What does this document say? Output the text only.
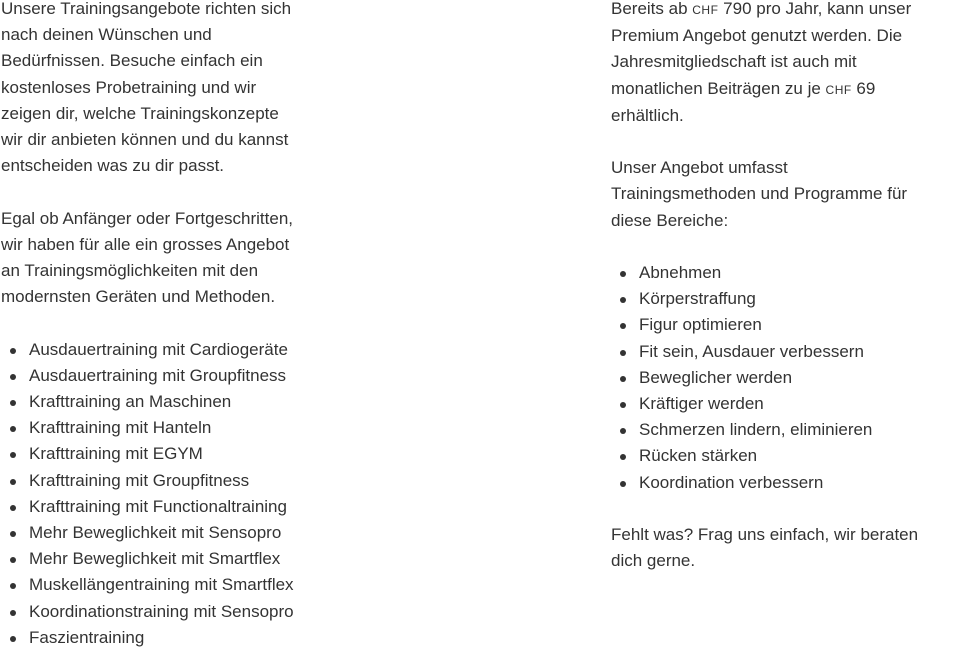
Unsere Trainingsangebote richten sich
nach deinen Wünschen und
Bedürfnissen. Besuche einfach ein
kostenloses Probetraining und wir
zeigen dir, welche Trainingskonzepte
wir dir anbieten können und du kannst
entscheiden was zu dir passt.
Egal ob Anfänger oder Fortgeschritten,
wir haben für alle ein grosses Angebot
an Trainingsmöglichkeiten mit den
modernsten Geräten und Methoden.
Ausdauertraining mit Cardiogeräte
Ausdauertraining mit Groupfitness
Krafttraining an Maschinen
Krafttraining mit Hanteln
Krafttraining mit EGYM
Krafttraining mit Groupfitness
Krafttraining mit Functionaltraining
Mehr Beweglichkeit mit Sensopro
Mehr Beweglichkeit mit Smartflex
Muskellängentraining mit Smartflex
Koordinationstraining mit Sensopro
Faszientraining
Bereits ab CHF 790 pro Jahr, kann unser
Premium Angebot genutzt werden. Die
Jahresmitgliedschaft ist auch mit
monatlichen Beiträgen zu je CHF 69
erhältlich.
Unser Angebot umfasst
Trainingsmethoden und Programme für
diese Bereiche:
Abnehmen
Körperstraffung
Figur optimieren
Fit sein, Ausdauer verbessern
Beweglicher werden
Kräftiger werden
Schmerzen lindern, eliminieren
Rücken stärken
Koordination verbessern
Fehlt was? Frag uns einfach, wir beraten
dich gerne.
